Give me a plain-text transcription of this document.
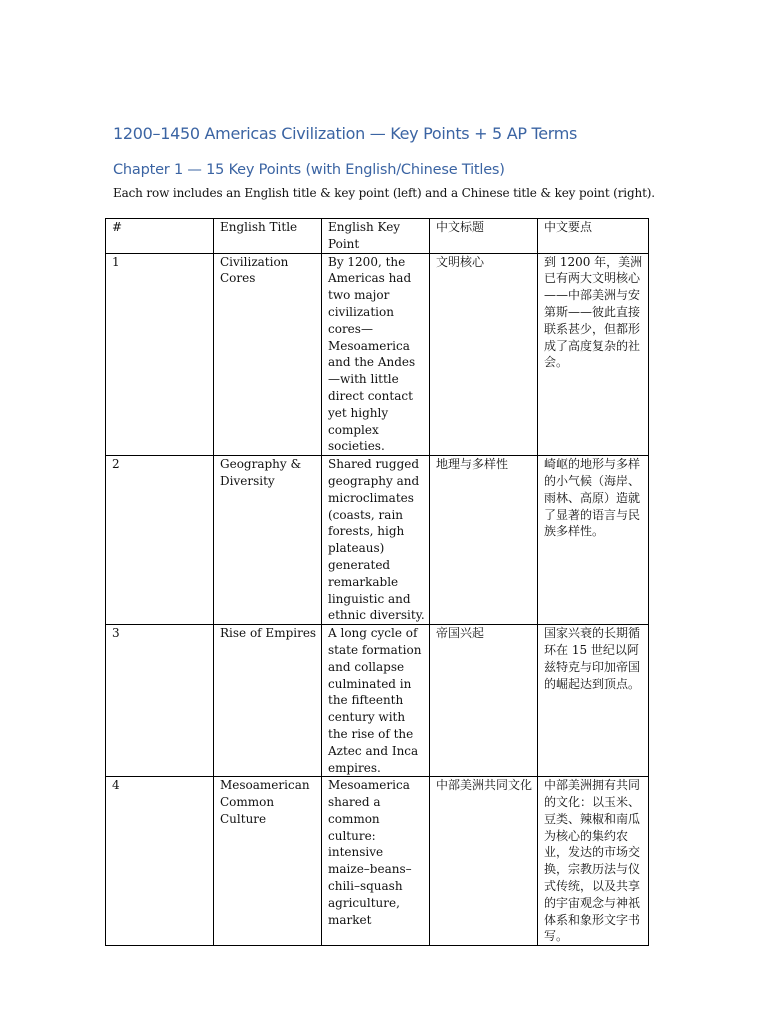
1200–1450 Americas Civilization — Key Points + 5 AP Terms
Chapter 1 — 15 Key Points (with English/Chinese Titles)

Each row includes an English title & key point (left) and a Chinese title & key point (right).

#	English Title	English Key Point	中文标题	中文要点
1	Civilization Cores	By 1200, the Americas had two major civilization cores—Mesoamerica and the Andes—with little direct contact yet highly complex societies.	文明核心	到 1200 年，美洲已有两大文明核心——中部美洲与安第斯——彼此直接联系甚少，但都形成了高度复杂的社会。
2	Geography & Diversity	Shared rugged geography and microclimates (coasts, rain forests, high plateaus) generated remarkable linguistic and ethnic diversity.	地理与多样性	崎岖的地形与多样的小气候（海岸、雨林、高原）造就了显著的语言与民族多样性。
3	Rise of Empires	A long cycle of state formation and collapse culminated in the fifteenth century with the rise of the Aztec and Inca empires.	帝国兴起	国家兴衰的长期循环在 15 世纪以阿兹特克与印加帝国的崛起达到顶点。
4	Mesoamerican Common Culture	Mesoamerica shared a common culture: intensive maize–beans–chili–squash agriculture, market	中部美洲共同文化	中部美洲拥有共同的文化：以玉米、豆类、辣椒和南瓜为核心的集约农业，发达的市场交换，宗教历法与仪式传统，以及共享的宇宙观念与神祇体系和象形文字书写。
